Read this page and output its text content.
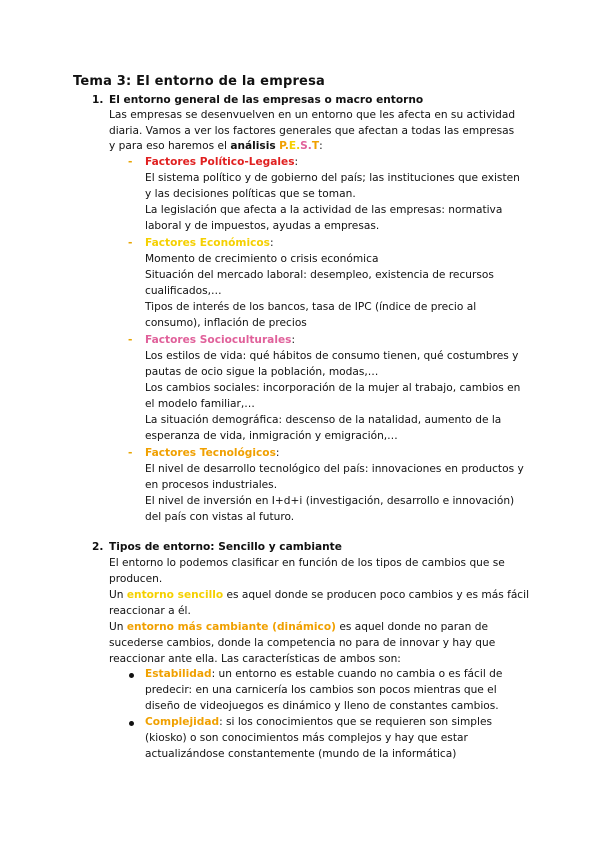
Tema 3: El entorno de la empresa
1. El entorno general de las empresas o macro entorno
Las empresas se desenvuelven en un entorno que les afecta en su actividad
diaria. Vamos a ver los factores generales que afectan a todas las empresas
y para eso haremos el análisis P.E.S.T:
- Factores Político-Legales:
El sistema político y de gobierno del país; las instituciones que existen
y las decisiones políticas que se toman.
La legislación que afecta a la actividad de las empresas: normativa
laboral y de impuestos, ayudas a empresas.
- Factores Económicos:
Momento de crecimiento o crisis económica
Situación del mercado laboral: desempleo, existencia de recursos
cualificados,…
Tipos de interés de los bancos, tasa de IPC (índice de precio al
consumo), inflación de precios
- Factores Socioculturales:
Los estilos de vida: qué hábitos de consumo tienen, qué costumbres y
pautas de ocio sigue la población, modas,…
Los cambios sociales: incorporación de la mujer al trabajo, cambios en
el modelo familiar,…
La situación demográfica: descenso de la natalidad, aumento de la
esperanza de vida, inmigración y emigración,…
- Factores Tecnológicos:
El nivel de desarrollo tecnológico del país: innovaciones en productos y
en procesos industriales.
El nivel de inversión en I+d+i (investigación, desarrollo e innovación)
del país con vistas al futuro.
2. Tipos de entorno: Sencillo y cambiante
El entorno lo podemos clasificar en función de los tipos de cambios que se
producen.
Un entorno sencillo es aquel donde se producen poco cambios y es más fácil
reaccionar a él.
Un entorno más cambiante (dinámico) es aquel donde no paran de
sucederse cambios, donde la competencia no para de innovar y hay que
reaccionar ante ella. Las características de ambos son:
Estabilidad: un entorno es estable cuando no cambia o es fácil de
predecir: en una carnicería los cambios son pocos mientras que el
diseño de videojuegos es dinámico y lleno de constantes cambios.
Complejidad: si los conocimientos que se requieren son simples
(kiosko) o son conocimientos más complejos y hay que estar
actualizándose constantemente (mundo de la informática)
